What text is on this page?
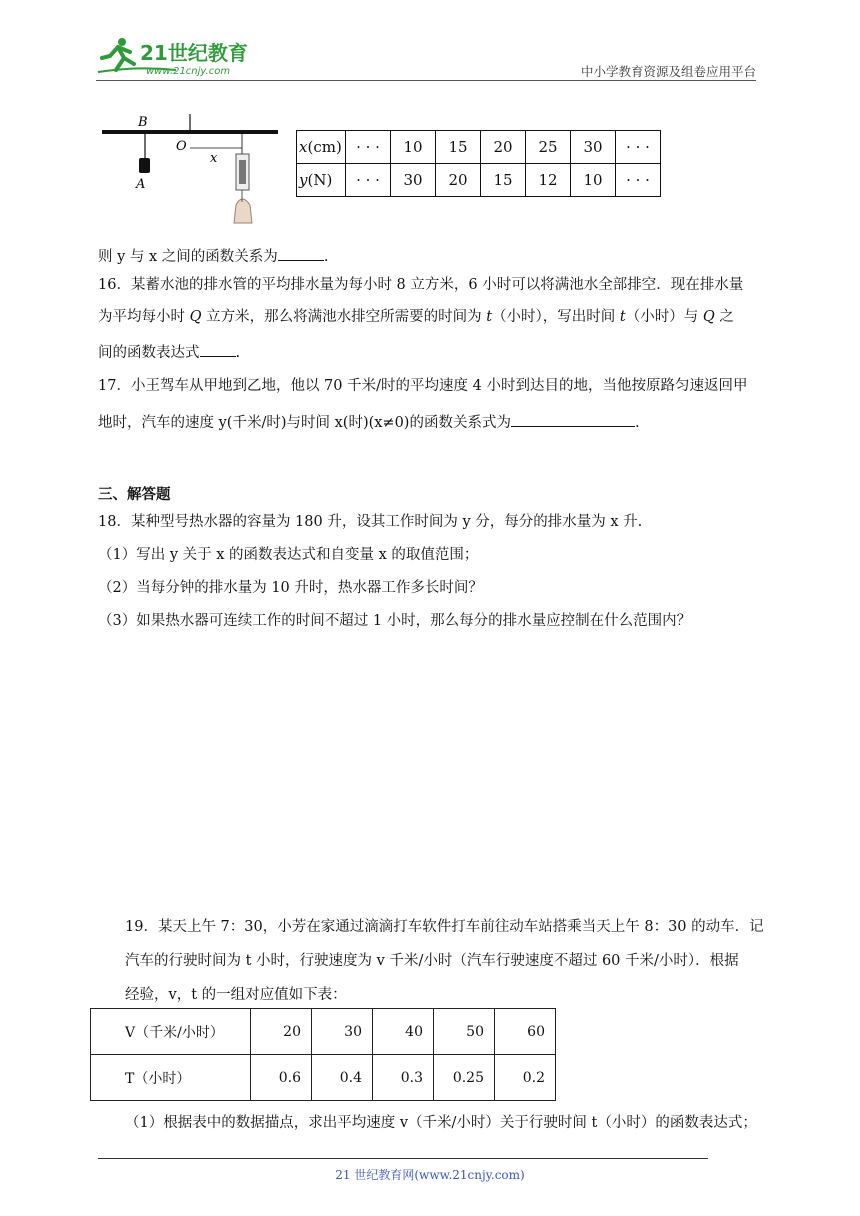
21世纪教育
www.21cnjy.com	中小学教育资源及组卷应用平台
B
O
x
A
x(cm)	· · ·	10	15	20	25	30	· · ·
y(N)	· · ·	30	20	15	12	10	· · ·
则 y 与 x 之间的函数关系为	.
16．某蓄水池的排水管的平均排水量为每小时 8 立方米，6 小时可以将满池水全部排空．现在排水量
为平均每小时 Q 立方米，那么将满池水排空所需要的时间为 t（小时），写出时间 t（小时）与 Q 之
间的函数表达式 .
17．小王驾车从甲地到乙地，他以 70 千米/时的平均速度 4 小时到达目的地，当他按原路匀速返回甲
地时，汽车的速度 y(千米/时)与时间 x(时)(x≠0)的函数关系式为	.
三、解答题
18．某种型号热水器的容量为 180 升，设其工作时间为 y 分，每分的排水量为 x 升.
（1）写出 y 关于 x 的函数表达式和自变量 x 的取值范围；
（2）当每分钟的排水量为 10 升时，热水器工作多长时间？
（3）如果热水器可连续工作的时间不超过 1 小时，那么每分的排水量应控制在什么范围内？
19．某天上午 7：30，小芳在家通过滴滴打车软件打车前往动车站搭乘当天上午 8：30 的动车．记
汽车的行驶时间为 t 小时，行驶速度为 v 千米/小时（汽车行驶速度不超过 60 千米/小时）．根据
经验，v，t 的一组对应值如下表：
V（千米/小时）	20	30	40	50	60
T（小时）	0.6	0.4	0.3	0.25	0.2
（1）根据表中的数据描点，求出平均速度 v（千米/小时）关于行驶时间 t（小时）的函数表达式；
21 世纪教育网(www.21cnjy.com)
